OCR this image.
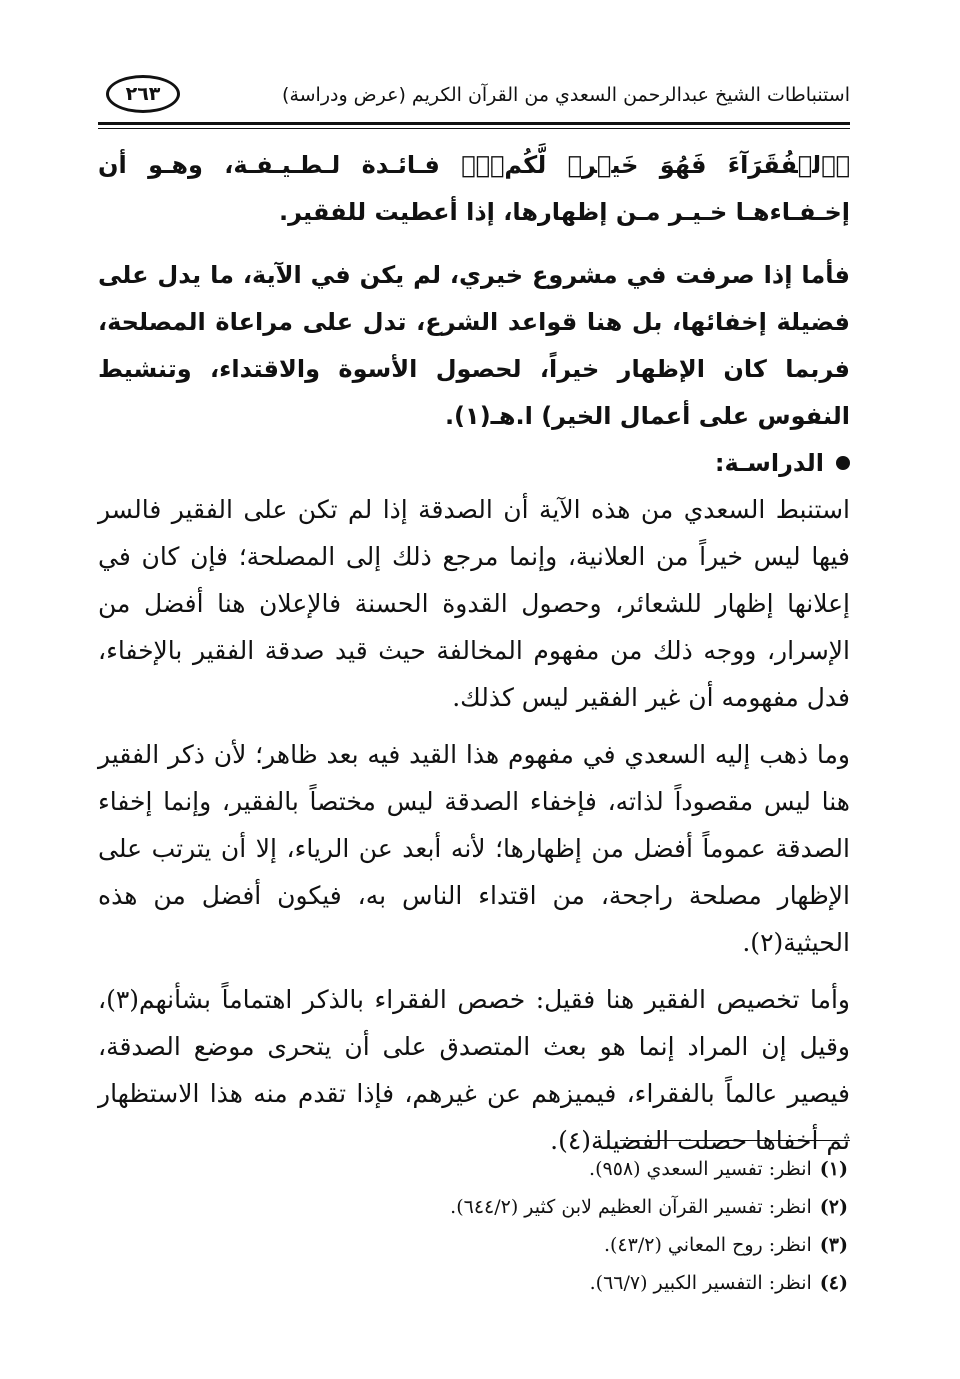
استنباطات الشيخ عبدالرحمن السعدي من القرآن الكريم (عرض ودراسة)
٢٦٣

﴿ٱلۡفُقَرَآءَ فَهُوَ خَيۡرٞ لَّكُمۡۚ﴾ فـائـدة لـطـيـفـة، وهـو أن إخـفـاءهـا خـيـر مـن إظهارها، إذا أعطيت للفقير.

فأما إذا صرفت في مشروع خيري، لم يكن في الآية، ما يدل على فضيلة إخفائها، بل هنا قواعد الشرع، تدل على مراعاة المصلحة، فربما كان الإظهار خيراً، لحصول الأسوة والاقتداء، وتنشيط النفوس على أعمال الخير) ا.هـ(١).

الدراسـة:

استنبط السعدي من هذه الآية أن الصدقة إذا لم تكن على الفقير فالسر فيها ليس خيراً من العلانية، وإنما مرجع ذلك إلى المصلحة؛ فإن كان في إعلانها إظهار للشعائر، وحصول القدوة الحسنة فالإعلان هنا أفضل من الإسرار، ووجه ذلك من مفهوم المخالفة حيث قيد صدقة الفقير بالإخفاء، فدل مفهومه أن غير الفقير ليس كذلك.

وما ذهب إليه السعدي في مفهوم هذا القيد فيه بعد ظاهر؛ لأن ذكر الفقير هنا ليس مقصوداً لذاته، فإخفاء الصدقة ليس مختصاً بالفقير، وإنما إخفاء الصدقة عموماً أفضل من إظهارها؛ لأنه أبعد عن الرياء، إلا أن يترتب على الإظهار مصلحة راجحة، من اقتداء الناس به، فيكون أفضل من هذه الحيثية(٢).

وأما تخصيص الفقير هنا فقيل: خصص الفقراء بالذكر اهتماماً بشأنهم(٣)، وقيل إن المراد إنما هو بعث المتصدق على أن يتحرى موضع الصدقة، فيصير عالماً بالفقراء، فيميزهم عن غيرهم، فإذا تقدم منه هذا الاستظهار ثم أخفاها حصلت الفضيلة(٤).

(١)انظر: تفسير السعدي (٩٥٨).
(٢)انظر: تفسير القرآن العظيم لابن كثير (٦٤٤/٢).
(٣)انظر: روح المعاني (٤٣/٢).
(٤)انظر: التفسير الكبير (٦٦/٧).
